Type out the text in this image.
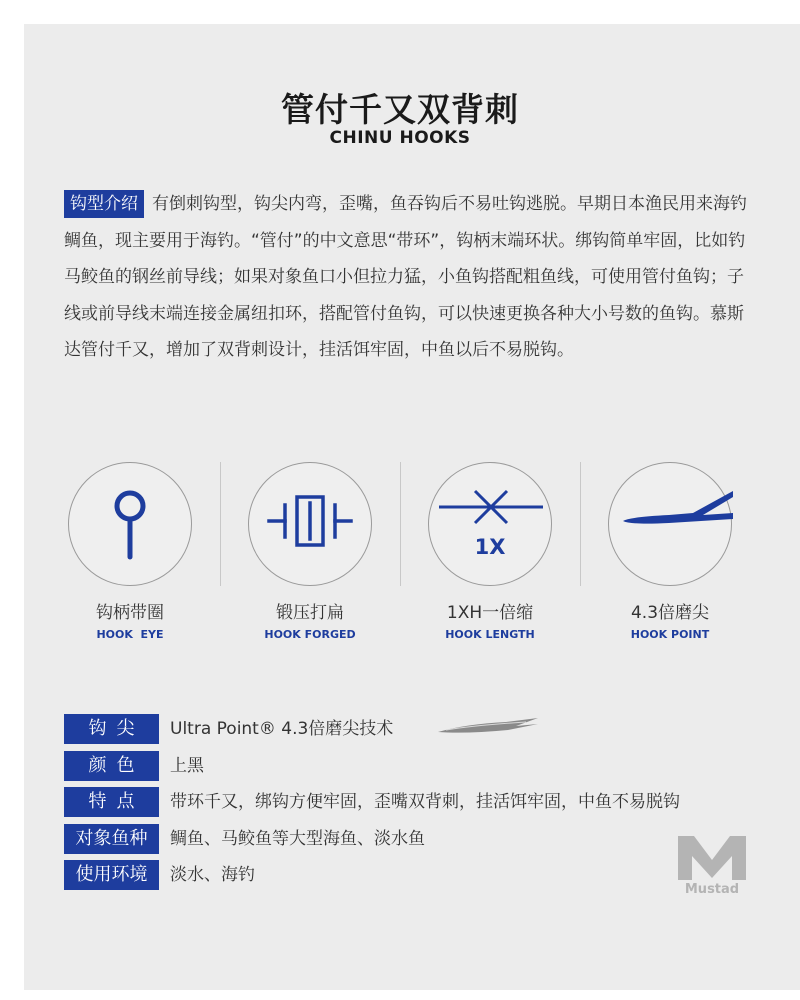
管付千又双背刺
CHINU HOOKS
钩型介绍 有倒刺钩型，钩尖内弯，歪嘴，鱼吞钩后不易吐钩逃脱。早期日本渔民用来海钓鲷鱼，现主要用于海钓。“管付”的中文意思“带环”，钩柄末端环状。绑钩简单牢固，比如钓马鲛鱼的钢丝前导线；如果对象鱼口小但拉力猛，小鱼钩搭配粗鱼线，可使用管付鱼钩；子线或前导线末端连接金属纽扣环，搭配管付鱼钩，可以快速更换各种大小号数的鱼钩。慕斯达管付千又，增加了双背刺设计，挂活饵牢固，中鱼以后不易脱钩。
钩柄带圈
HOOK  EYE
锻压打扁
HOOK FORGED
1X
1XH一倍缩
HOOK LENGTH
4.3倍磨尖
HOOK POINT
钩尖	Ultra Point® 4.3倍磨尖技术
颜色	上黑
特点	带环千又，绑钩方便牢固，歪嘴双背刺，挂活饵牢固，中鱼不易脱钩
对象鱼种	鲷鱼、马鲛鱼等大型海鱼、淡水鱼
使用环境	淡水、海钓
Mustad
